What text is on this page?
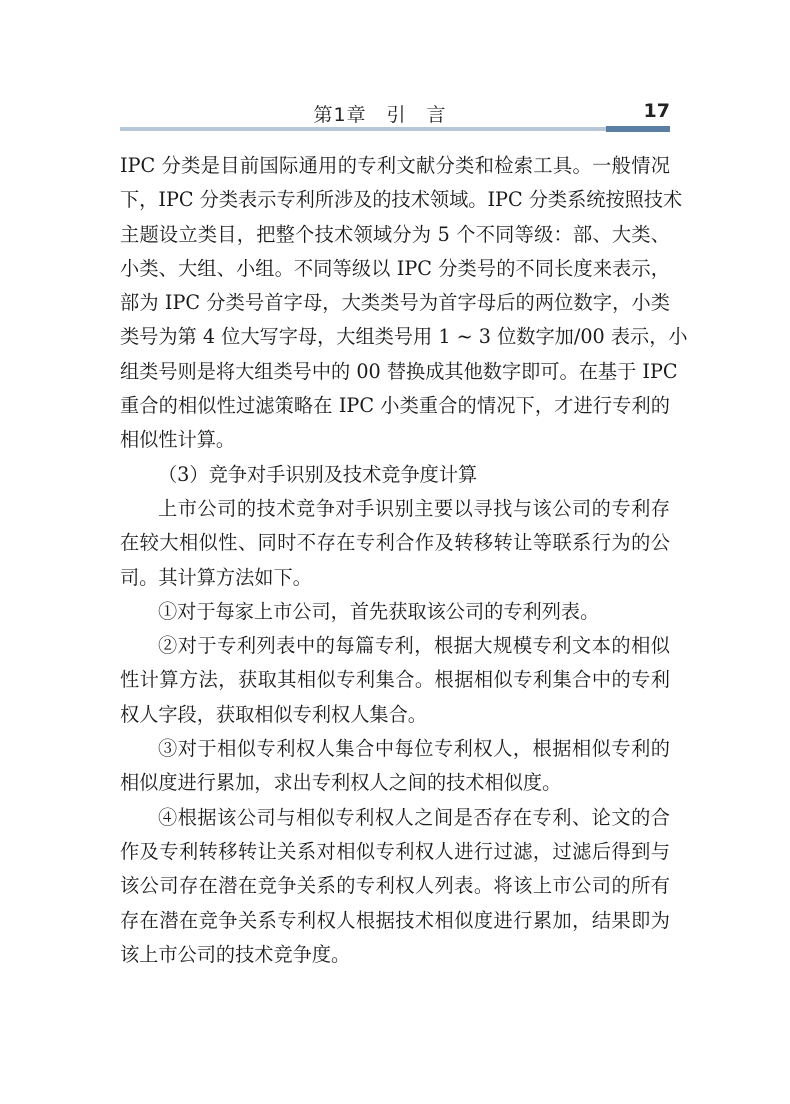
第1章　引　言	17
IPC 分类是目前国际通用的专利文献分类和检索工具。一般情况
下，IPC 分类表示专利所涉及的技术领域。IPC 分类系统按照技术
主题设立类目，把整个技术领域分为 5 个不同等级：部、大类、
小类、大组、小组。不同等级以 IPC 分类号的不同长度来表示，
部为 IPC 分类号首字母，大类类号为首字母后的两位数字，小类
类号为第 4 位大写字母，大组类号用 1 ~ 3 位数字加/00 表示，小
组类号则是将大组类号中的 00 替换成其他数字即可。在基于 IPC
重合的相似性过滤策略在 IPC 小类重合的情况下，才进行专利的
相似性计算。
（3）竞争对手识别及技术竞争度计算
上市公司的技术竞争对手识别主要以寻找与该公司的专利存
在较大相似性、同时不存在专利合作及转移转让等联系行为的公
司。其计算方法如下。
①对于每家上市公司，首先获取该公司的专利列表。
②对于专利列表中的每篇专利，根据大规模专利文本的相似
性计算方法，获取其相似专利集合。根据相似专利集合中的专利
权人字段，获取相似专利权人集合。
③对于相似专利权人集合中每位专利权人，根据相似专利的
相似度进行累加，求出专利权人之间的技术相似度。
④根据该公司与相似专利权人之间是否存在专利、论文的合
作及专利转移转让关系对相似专利权人进行过滤，过滤后得到与
该公司存在潜在竞争关系的专利权人列表。将该上市公司的所有
存在潜在竞争关系专利权人根据技术相似度进行累加，结果即为
该上市公司的技术竞争度。
